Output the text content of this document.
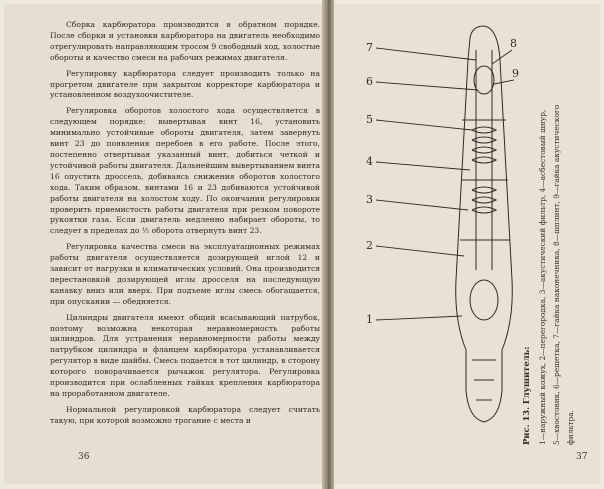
Сборка карбюратора производится в обратном порядке. После сборки и установки карбюратора на двигатель необходимо отрегулировать направляющим тросом 9 свободный ход, холостые обороты и качество смеси на рабочих режимах двигателя.

Регулировку карбюратора следует производить только на прогретом двигателе при закрытом корректоре карбюратора и установленном воздухоочистителе.

Регулировка оборотов холостого хода осуществляется в следующем порядке: вывертывая винт 16, установить минимально устойчивые обороты двигателя, затем завернуть винт 23 до появления перебоев в его работе. После этого, постепенно отвертывая указанный винт, добиться четкой и устойчивой работы двигателя. Дальнейшим вывертыванием винта 16 опустить дроссель, добиваясь снижения оборотов холостого хода. Таким образом, винтами 16 и 23 добиваются устойчивой работы двигателя на холостом ходу. По окончании регулировки проверить приемистость работы двигателя при резком повороте рукоятки газа. Если двигатель медленно набирает обороты, то следует в пределах до ½ оборота отвернуть винт 23.

Регулировка качества смеси на эксплуатационных режимах работы двигателя осуществляется дозирующей иглой 12 и зависит от нагрузки и климатических условий. Она производится перестановкой дозирующей иглы дросселя на последующую канавку вниз или вверх. При подъеме иглы смесь обогащается, при опускании — обедняется.

Цилиндры двигателя имеют общий всасывающий патрубок, поэтому возможна некоторая неравномерность работы цилиндров. Для устранения неравномерности работы между патрубком цилиндра и фланцем карбюратора устанавливается регулятор в виде шайбы. Смесь подается в тот цилиндр, в сторону которого поворачивается рычажок регулятора. Регулировка производится при ослабленных гайках крепления карбюратора на проработанном двигателе.

Нормальной регулировкой карбюратора следует считать такую, при которой возможно трогание с места и

36	37
7
6
5
4
3
2
1
8
9
Рис. 13. Глушитель: 1—наружный кожух, 2—перегородка, 3—акустический фильтр, 4—асбестовый шнур, 5—хвостовик, 6—решетка, 7—гайка наконечника, 8—шплинт, 9—гайка акустического фильтра.
